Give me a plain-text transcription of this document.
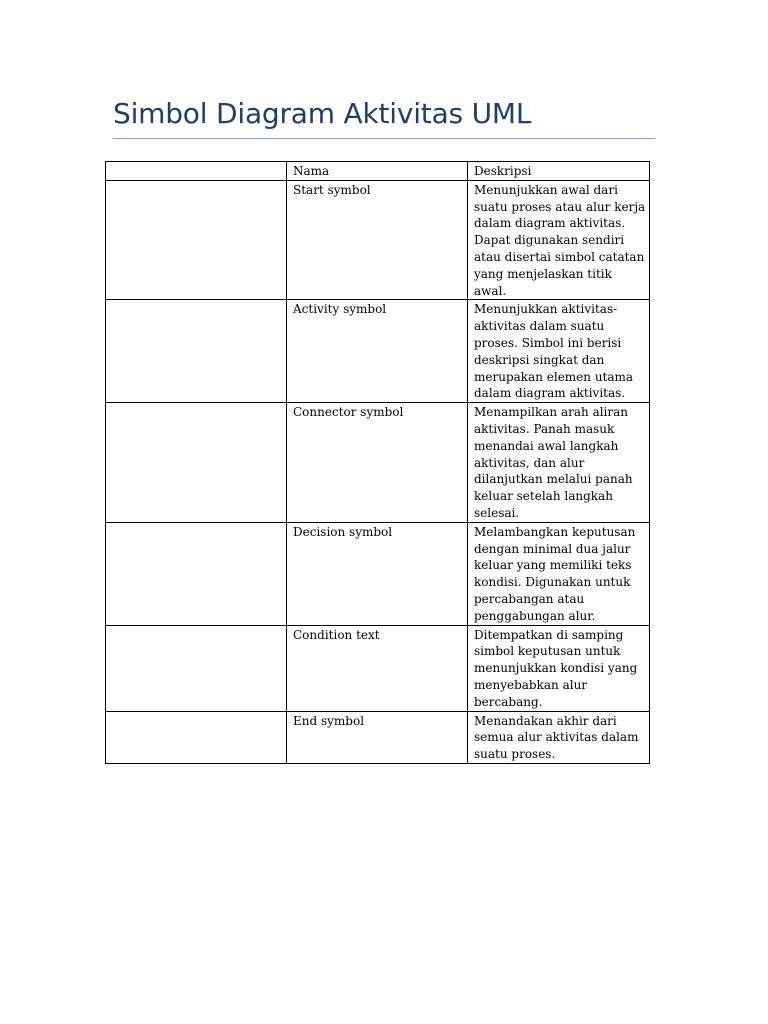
Simbol Diagram Aktivitas UML
	Nama	Deskripsi
	Start symbol	Menunjukkan awal dari suatu proses atau alur kerja dalam diagram aktivitas. Dapat digunakan sendiri atau disertai simbol catatan yang menjelaskan titik awal.
	Activity symbol	Menunjukkan aktivitas-aktivitas dalam suatu proses. Simbol ini berisi deskripsi singkat dan merupakan elemen utama dalam diagram aktivitas.
	Connector symbol	Menampilkan arah aliran aktivitas. Panah masuk menandai awal langkah aktivitas, dan alur dilanjutkan melalui panah keluar setelah langkah selesai.
	Decision symbol	Melambangkan keputusan dengan minimal dua jalur keluar yang memiliki teks kondisi. Digunakan untuk percabangan atau penggabungan alur.
	Condition text	Ditempatkan di samping simbol keputusan untuk menunjukkan kondisi yang menyebabkan alur bercabang.
	End symbol	Menandakan akhir dari semua alur aktivitas dalam suatu proses.
